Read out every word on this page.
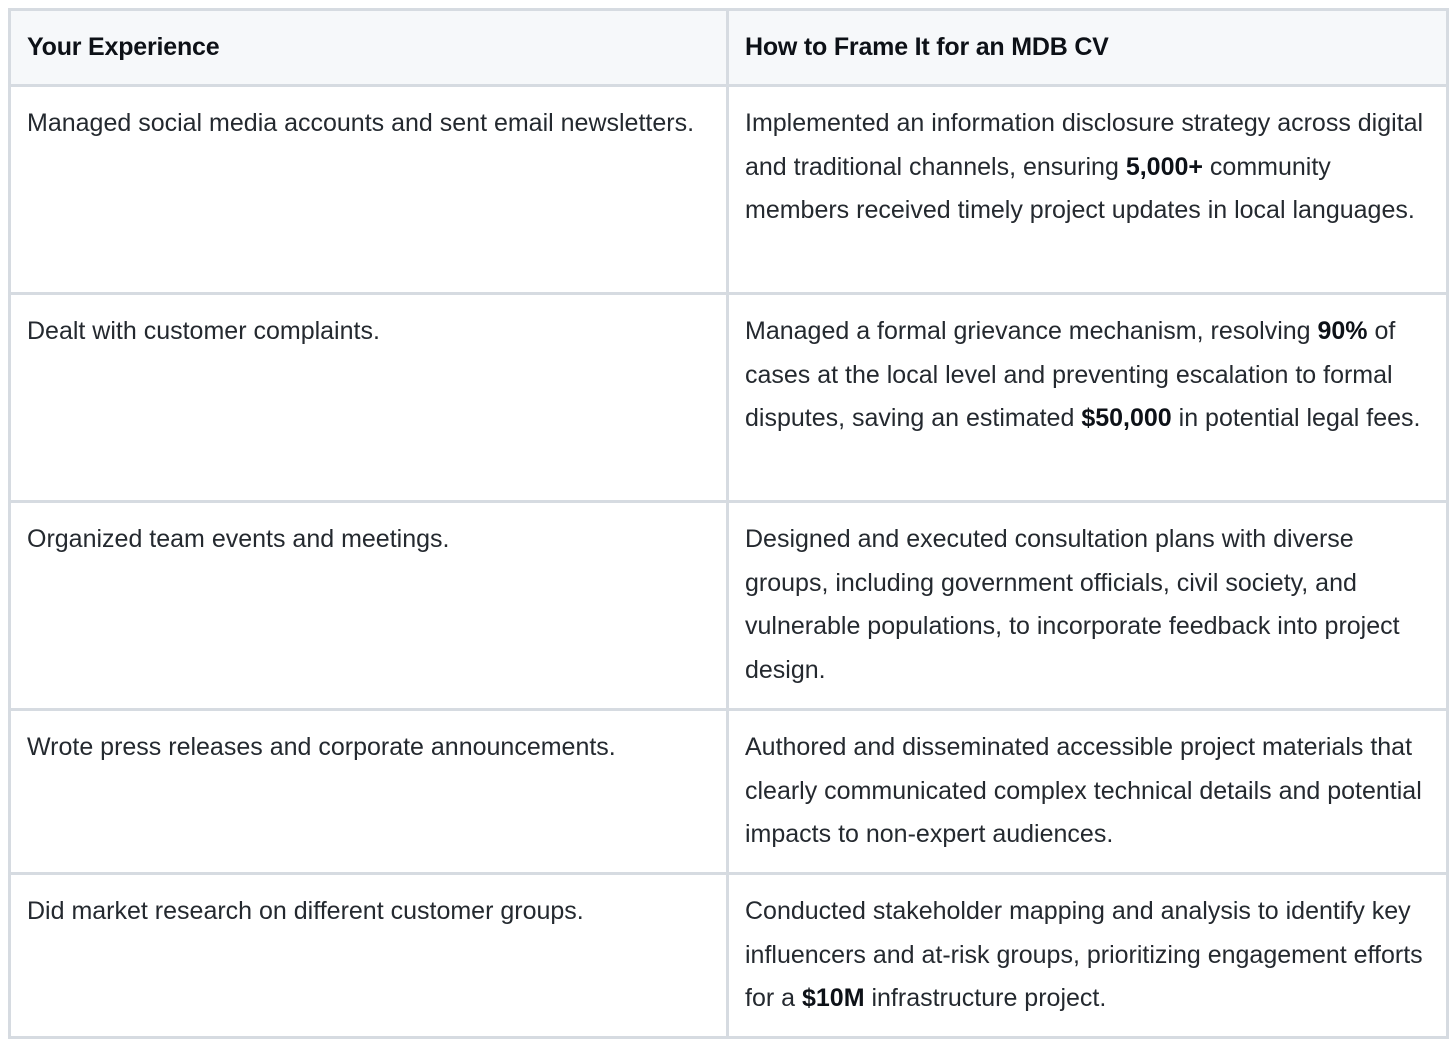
Your Experience	How to Frame It for an MDB CV
Managed social media accounts and sent email newsletters.	Implemented an information disclosure strategy across digital and traditional channels, ensuring 5,000+ community members received timely project updates in local languages.
Dealt with customer complaints.	Managed a formal grievance mechanism, resolving 90% of cases at the local level and preventing escalation to formal disputes, saving an estimated $50,000 in potential legal fees.
Organized team events and meetings.	Designed and executed consultation plans with diverse groups, including government officials, civil society, and vulnerable populations, to incorporate feedback into project design.
Wrote press releases and corporate announcements.	Authored and disseminated accessible project materials that clearly communicated complex technical details and potential impacts to non-expert audiences.
Did market research on different customer groups.	Conducted stakeholder mapping and analysis to identify key influencers and at-risk groups, prioritizing engagement efforts for a $10M infrastructure project.
